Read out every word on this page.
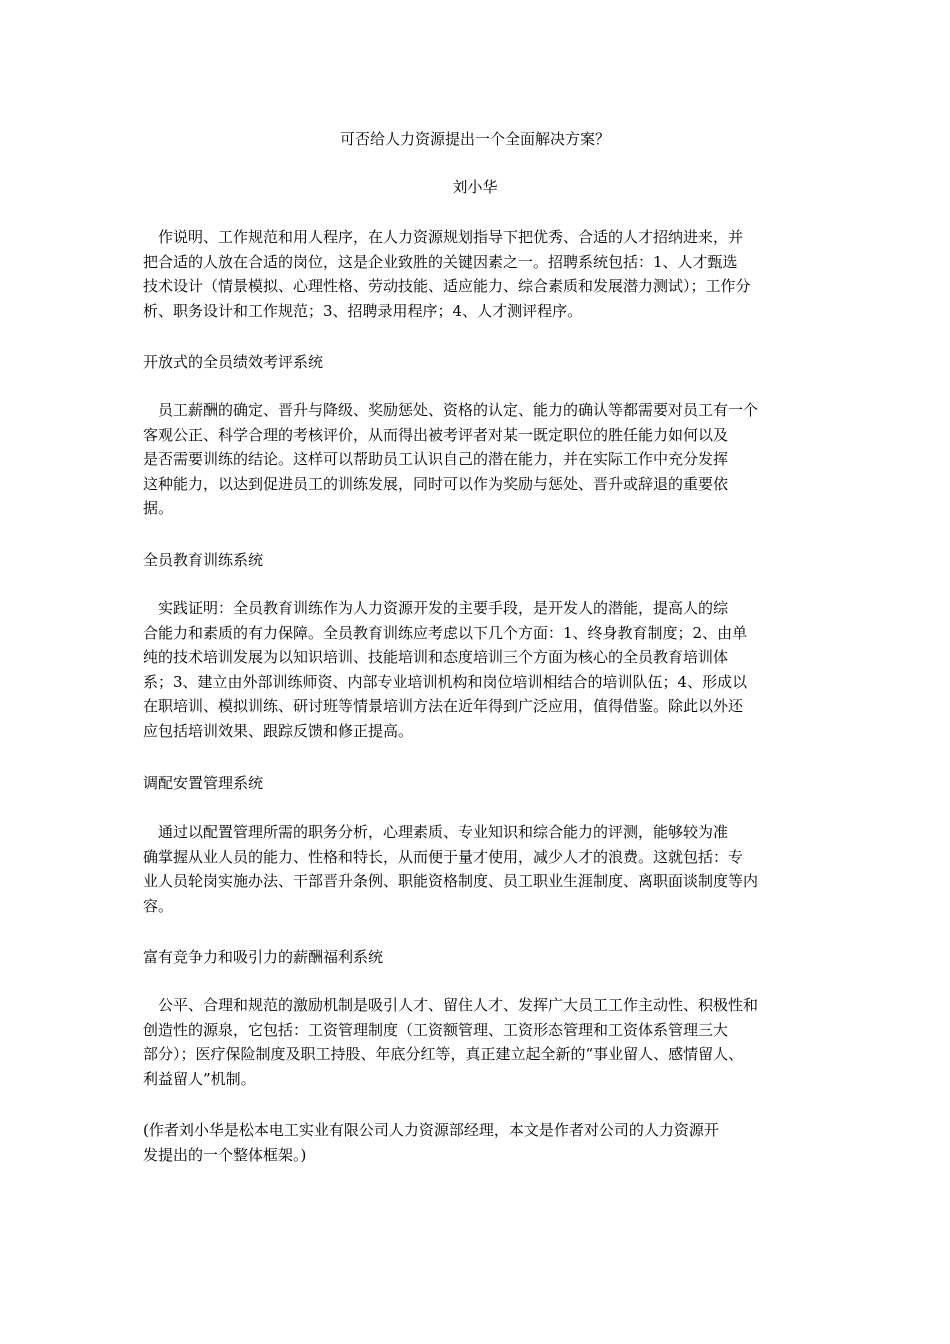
可否给人力资源提出一个全面解决方案？
刘小华
　作说明、工作规范和用人程序，在人力资源规划指导下把优秀、合适的人才招纳进来，并
把合适的人放在合适的岗位，这是企业致胜的关键因素之一。招聘系统包括：1、人才甄选
技术设计（情景模拟、心理性格、劳动技能、适应能力、综合素质和发展潜力测试）；工作分
析、职务设计和工作规范；3、招聘录用程序；4、人才测评程序。
开放式的全员绩效考评系统
　员工薪酬的确定、晋升与降级、奖励惩处、资格的认定、能力的确认等都需要对员工有一个
客观公正、科学合理的考核评价，从而得出被考评者对某一既定职位的胜任能力如何以及
是否需要训练的结论。这样可以帮助员工认识自己的潜在能力，并在实际工作中充分发挥
这种能力，以达到促进员工的训练发展，同时可以作为奖励与惩处、晋升或辞退的重要依
据。
全员教育训练系统
　实践证明：全员教育训练作为人力资源开发的主要手段，是开发人的潜能，提高人的综
合能力和素质的有力保障。全员教育训练应考虑以下几个方面：1、终身教育制度；2、由单
纯的技术培训发展为以知识培训、技能培训和态度培训三个方面为核心的全员教育培训体
系；3、建立由外部训练师资、内部专业培训机构和岗位培训相结合的培训队伍；4、形成以
在职培训、模拟训练、研讨班等情景培训方法在近年得到广泛应用，值得借鉴。除此以外还
应包括培训效果、跟踪反馈和修正提高。
调配安置管理系统
　通过以配置管理所需的职务分析，心理素质、专业知识和综合能力的评测，能够较为准
确掌握从业人员的能力、性格和特长，从而便于量才使用，减少人才的浪费。这就包括：专
业人员轮岗实施办法、干部晋升条例、职能资格制度、员工职业生涯制度、离职面谈制度等内
容。
富有竞争力和吸引力的薪酬福利系统
　公平、合理和规范的激励机制是吸引人才、留住人才、发挥广大员工工作主动性、积极性和
创造性的源泉，它包括：工资管理制度（工资额管理、工资形态管理和工资体系管理三大
部分）；医疗保险制度及职工持股、年底分红等，真正建立起全新的“事业留人、感情留人、
利益留人”机制。
(作者刘小华是松本电工实业有限公司人力资源部经理，本文是作者对公司的人力资源开
发提出的一个整体框架。)
